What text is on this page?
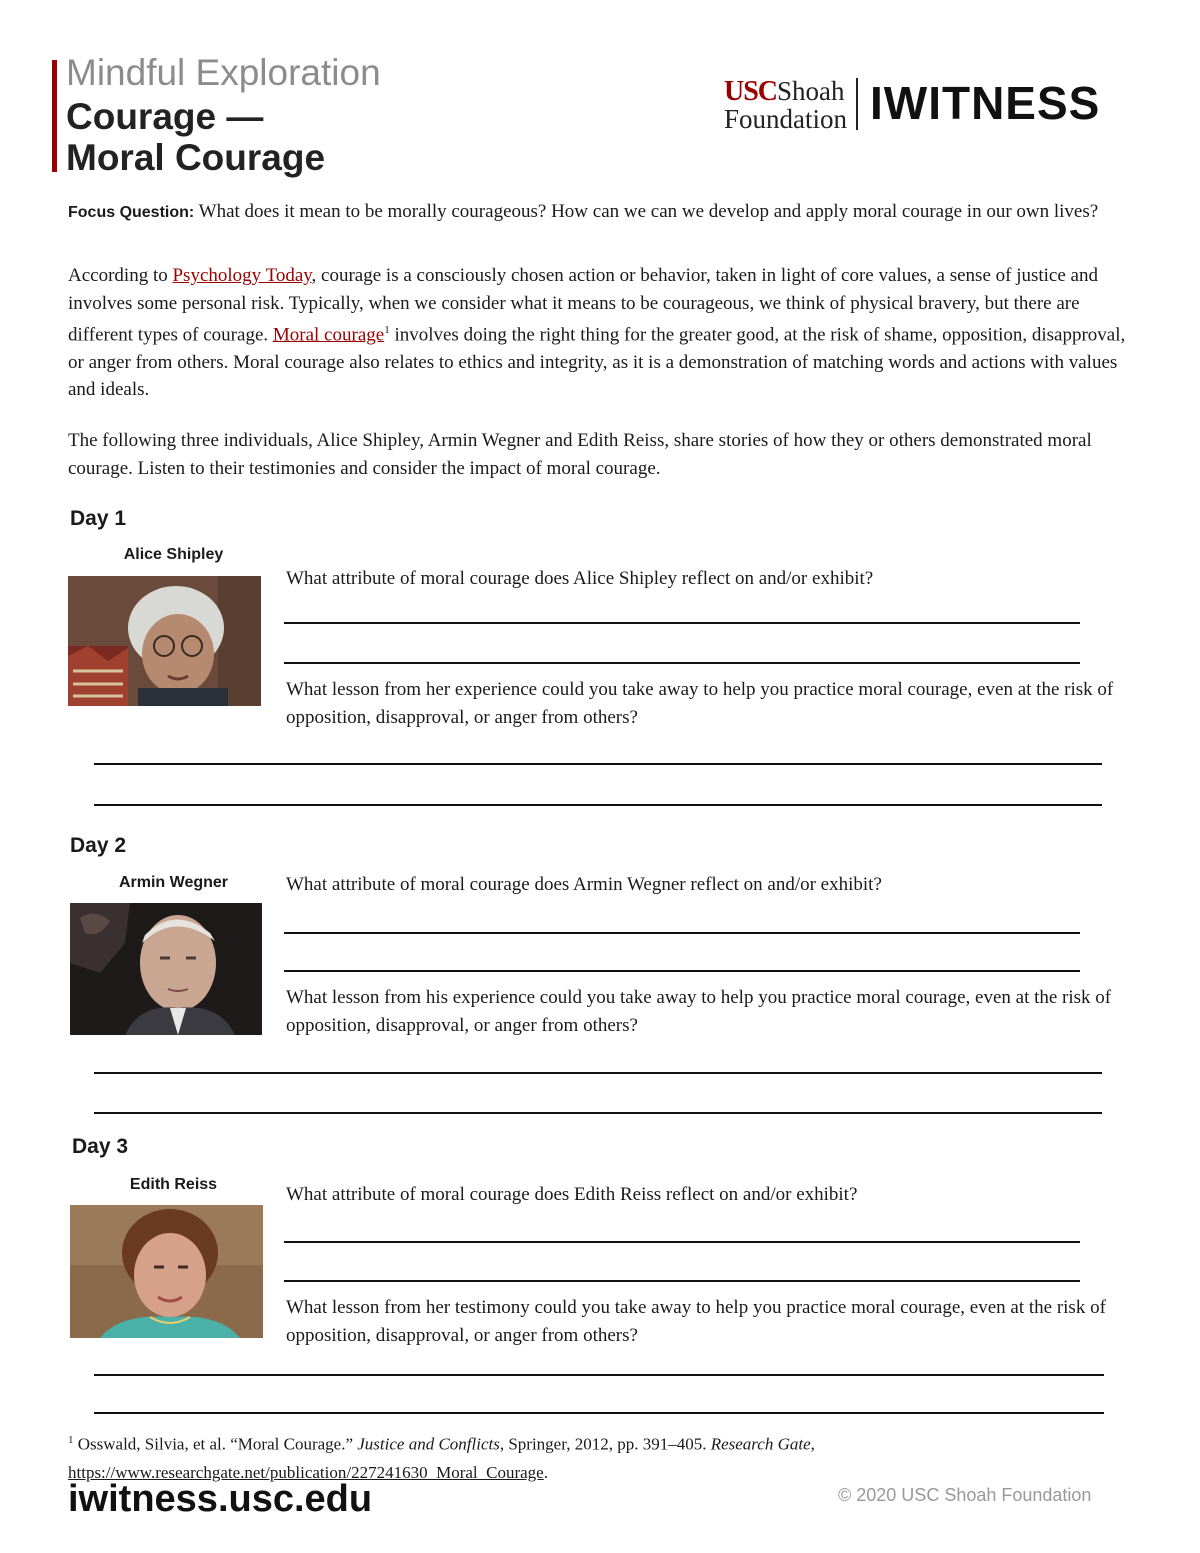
Mindful Exploration
Courage —
Moral Courage
USCShoah
Foundation IWITNESS
Focus Question: What does it mean to be morally courageous? How can we can we develop and apply moral courage in our own lives?
According to Psychology Today, courage is a consciously chosen action or behavior, taken in light of core values, a sense of justice and involves some personal risk. Typically, when we consider what it means to be courageous, we think of physical bravery, but there are different types of courage. Moral courage$^1$ involves doing the right thing for the greater good, at the risk of shame, opposition, disapproval, or anger from others. Moral courage also relates to ethics and integrity, as it is a demonstration of matching words and actions with values and ideals.
The following three individuals, Alice Shipley, Armin Wegner and Edith Reiss, share stories of how they or others demonstrated moral courage. Listen to their testimonies and consider the impact of moral courage.
Day 1
Alice Shipley
What attribute of moral courage does Alice Shipley reflect on and/or exhibit?
What lesson from her experience could you take away to help you practice moral courage, even at the risk of opposition, disapproval, or anger from others?
Day 2
Armin Wegner	What attribute of moral courage does Armin Wegner reflect on and/or exhibit?
What lesson from his experience could you take away to help you practice moral courage, even at the risk of opposition, disapproval, or anger from others?
Day 3
Edith Reiss	What attribute of moral courage does Edith Reiss reflect on and/or exhibit?
What lesson from her testimony could you take away to help you practice moral courage, even at the risk of opposition, disapproval, or anger from others?
$^1$ Osswald, Silvia, et al. “Moral Courage.” Justice and Conflicts, Springer, 2012, pp. 391–405. Research Gate,
https://www.researchgate.net/publication/227241630_Moral_Courage.
iwitness.usc.edu	© 2020 USC Shoah Foundation
